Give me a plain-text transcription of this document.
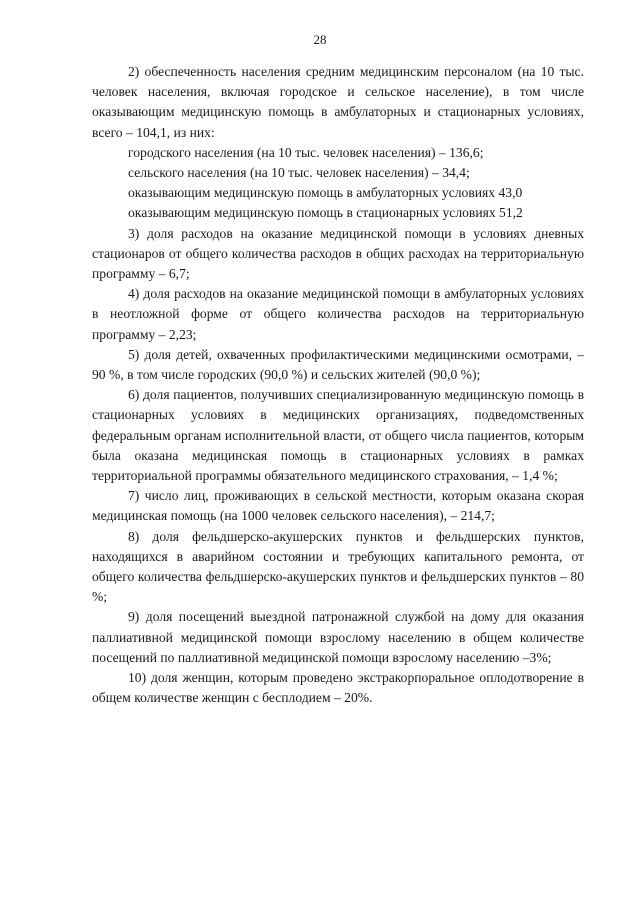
28

2) обеспеченность населения средним медицинским персоналом (на 10 тыс. человек населения, включая городское и сельское население), в том числе оказывающим медицинскую помощь в амбулаторных и стационарных условиях, всего – 104,1, из них:

городского населения (на 10 тыс. человек населения) – 136,6;

сельского населения (на 10 тыс. человек населения) – 34,4;

оказывающим медицинскую помощь в амбулаторных условиях 43,0

оказывающим медицинскую помощь в стационарных условиях 51,2

3) доля расходов на оказание медицинской помощи в условиях дневных стационаров от общего количества расходов в общих расходах на территориальную программу – 6,7;

4) доля расходов на оказание медицинской помощи в амбулаторных условиях в неотложной форме от общего количества расходов на территориальную программу – 2,23;

5) доля детей, охваченных профилактическими медицинскими осмотрами, – 90 %, в том числе городских (90,0 %) и сельских жителей (90,0 %);

6) доля пациентов, получивших специализированную медицинскую помощь в стационарных условиях в медицинских организациях, подведомственных федеральным органам исполнительной власти, от общего числа пациентов, которым была оказана медицинская помощь в стационарных условиях в рамках территориальной программы обязательного медицинского страхования, – 1,4 %;

7) число лиц, проживающих в сельской местности, которым оказана скорая медицинская помощь (на 1000 человек сельского населения), – 214,7;

8) доля фельдшерско-акушерских пунктов и фельдшерских пунктов, находящихся в аварийном состоянии и требующих капитального ремонта, от общего количества фельдшерско-акушерских пунктов и фельдшерских пунктов – 80 %;

9) доля посещений выездной патронажной службой на дому для оказания паллиативной медицинской помощи взрослому населению в общем количестве посещений по паллиативной медицинской помощи взрослому населению –3%;

10) доля женщин, которым проведено экстракорпоральное оплодотворение в общем количестве женщин с бесплодием – 20%.
